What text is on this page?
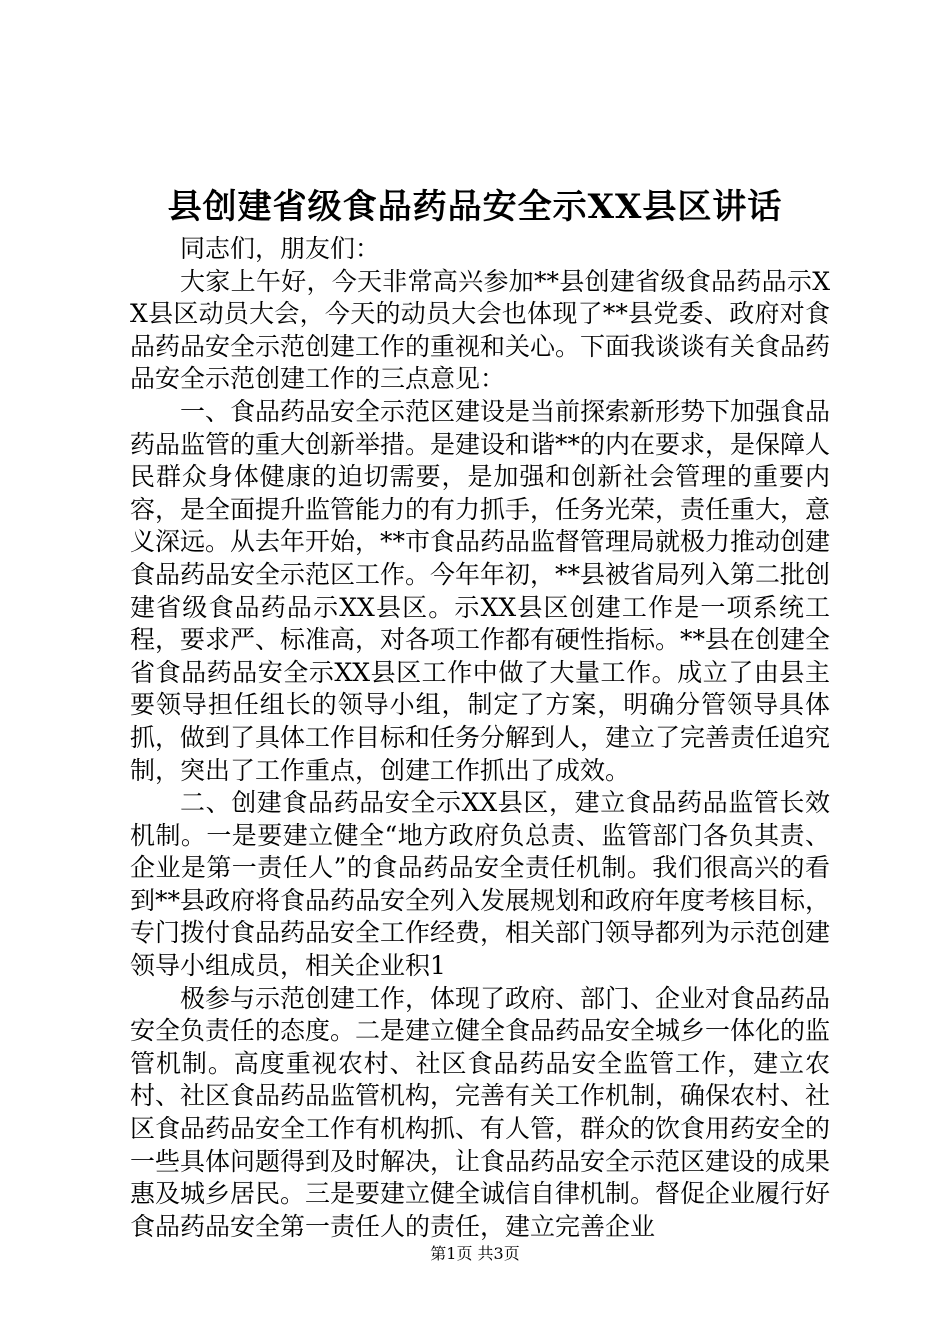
县创建省级食品药品安全示XX县区讲话

同志们，朋友们：

大家上午好，今天非常高兴参加**县创建省级食品药品示XX县区动员大会，今天的动员大会也体现了**县党委、政府对食品药品安全示范创建工作的重视和关心。下面我谈谈有关食品药品安全示范创建工作的三点意见：

一、食品药品安全示范区建设是当前探索新形势下加强食品药品监管的重大创新举措。是建设和谐**的内在要求，是保障人民群众身体健康的迫切需要，是加强和创新社会管理的重要内容，是全面提升监管能力的有力抓手，任务光荣，责任重大，意义深远。从去年开始，**市食品药品监督管理局就极力推动创建食品药品安全示范区工作。今年年初，**县被省局列入第二批创建省级食品药品示XX县区。示XX县区创建工作是一项系统工程，要求严、标准高，对各项工作都有硬性指标。**县在创建全省食品药品安全示XX县区工作中做了大量工作。成立了由县主要领导担任组长的领导小组，制定了方案，明确分管领导具体抓，做到了具体工作目标和任务分解到人，建立了完善责任追究制，突出了工作重点，创建工作抓出了成效。

二、创建食品药品安全示XX县区，建立食品药品监管长效机制。一是要建立健全“地方政府负总责、监管部门各负其责、企业是第一责任人”的食品药品安全责任机制。我们很高兴的看到**县政府将食品药品安全列入发展规划和政府年度考核目标，专门拨付食品药品安全工作经费，相关部门领导都列为示范创建领导小组成员，相关企业积1

极参与示范创建工作，体现了政府、部门、企业对食品药品安全负责任的态度。二是建立健全食品药品安全城乡一体化的监管机制。高度重视农村、社区食品药品安全监管工作，建立农村、社区食品药品监管机构，完善有关工作机制，确保农村、社区食品药品安全工作有机构抓、有人管，群众的饮食用药安全的一些具体问题得到及时解决，让食品药品安全示范区建设的成果惠及城乡居民。三是要建立健全诚信自律机制。督促企业履行好食品药品安全第一责任人的责任，建立完善企业

第1页 共3页
